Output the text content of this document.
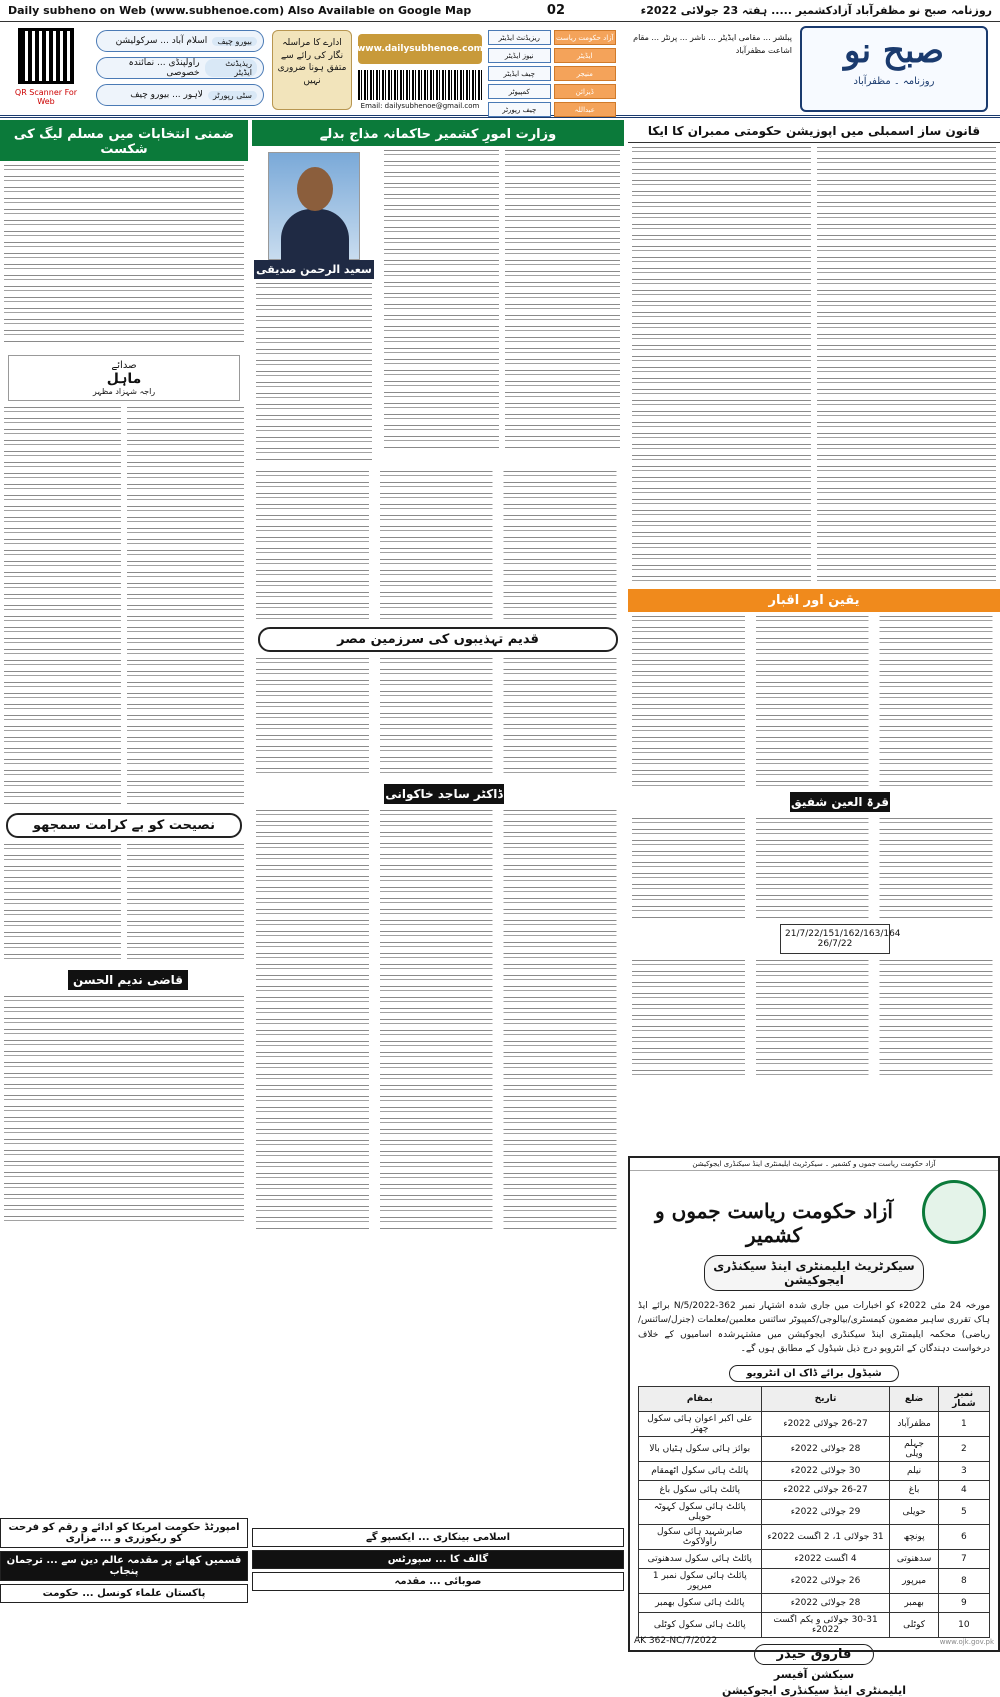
Daily subheno on Web (www.subhenoe.com) Also Available on Google Map	02	روزنامہ صبح نو مظفرآباد آزادکشمیر ..... ہفتہ 23 جولائی 2022ء
QR Scanner For Web
بیورو چیف
اسلام آباد ... سرکولیشن
ریذیڈنٹ ایڈیٹر
راولپنڈی ... نمائندہ خصوصی
سٹی رپورٹر
لاہور ... بیورو چیف
ادارے کا مراسلہ نگار کی رائے سے متفق ہونا ضروری نہیں
www.dailysubhenoe.com
Email: dailysubhenoe@gmail.com
ریزیڈنٹ ایڈیٹر	آزاد حکومت ریاست
نیوز ایڈیٹر	ایڈیٹر
چیف ایڈیٹر	منیجر
کمپیوٹر	ڈیزائن
چیف رپورٹر	عبداللہ
پبلشر ... مقامی ایڈیٹر ... ناشر ... پرنٹر ... مقام اشاعت مظفرآباد	صبح نو
روزنامہ ۔ مظفرآباد
قانون ساز اسمبلی میں اپوزیشن حکومتی ممبران کا ایکا
یقین اور اقبار
قرۃ العین شفیق
21/7/22/151/162/163/164 26/7/22
وزارت امورِ کشمیر حاکمانہ مذاج بدلے
سعید الرحمن صدیقی
قدیم تہذیبوں کی سرزمین مصر
ڈاکٹر ساجد خاکوانی
ضمنی انتخابات میں مسلم لیگ کی شکست
صدائے
ماہل
راجہ شہزاد مظہر
نصیحت کو بے کرامت سمجھو
قاضی ندیم الحسن
امپورٹڈ حکومت امریکا کو ادائے و رقم کو فرحت کو ریکوزری و ... مزاری
قسمیں کھانے پر مقدمہ عالم دین سے ... ترجمان پنجاب
پاکستان علماء کونسل ... حکومت
اسلامی بینکاری ... ایکسپو گے
گالف کا ... سپورٹس
صوبائی ... مقدمہ
آزاد حکومت ریاست جموں و کشمیر ۔ سیکرٹریٹ ایلیمنٹری اینڈ سیکنڈری ایجوکیشن
آزاد حکومت ریاست جموں و کشمیر
سیکرٹریٹ ایلیمنٹری اینڈ سیکنڈری ایجوکیشن
مورخہ 24 مئی 2022ء کو اخبارات میں جاری شدہ اشتہار نمبر 362-N/5/2022 برائے ایڈ ہاک تقرری ساہیر مضمون کیمسٹری/بیالوجی/کمپیوٹر سائنس معلمین/معلمات (جنرل/سائنس/ریاضی) محکمہ ایلیمنٹری اینڈ سیکنڈری ایجوکیشن میں مشتہرشدہ اسامیوں کے خلاف درخواست دہندگان کے انٹرویو درج ذیل شیڈول کے مطابق ہوں گے۔
شیڈول برائے ڈاک ان انٹرویو
نمبر شمار	ضلع	تاریخ	بمقام
1	مظفرآباد	26-27 جولائی 2022ء	علی اکبر اعوان ہائی سکول چھتر
2	جہلم ویلی	28 جولائی 2022ء	بوائز ہائی سکول ہٹیاں بالا
3	نیلم	30 جولائی 2022ء	پائلٹ ہائی سکول اٹھمقام
4	باغ	26-27 جولائی 2022ء	پائلٹ ہائی سکول باغ
5	حویلی	29 جولائی 2022ء	پائلٹ ہائی سکول کہوٹہ حویلی
6	پونچھ	31 جولائی 1، 2 اگست 2022ء	صابرشہید ہائی سکول راولاکوٹ
7	سدھنوتی	4 اگست 2022ء	پائلٹ ہائی سکول سدھنوتی
8	میرپور	26 جولائی 2022ء	پائلٹ ہائی سکول نمبر 1 میرپور
9	بھمبر	28 جولائی 2022ء	پائلٹ ہائی سکول بھمبر
10	کوٹلی	30-31 جولائی و یکم اگست 2022ء	پائلٹ ہائی سکول کوٹلی
فاروق حیدر
سیکشن آفیسر
ایلیمنٹری اینڈ سیکنڈری ایجوکیشن
AK 362-NC/7/2022	www.ojk.gov.pk
